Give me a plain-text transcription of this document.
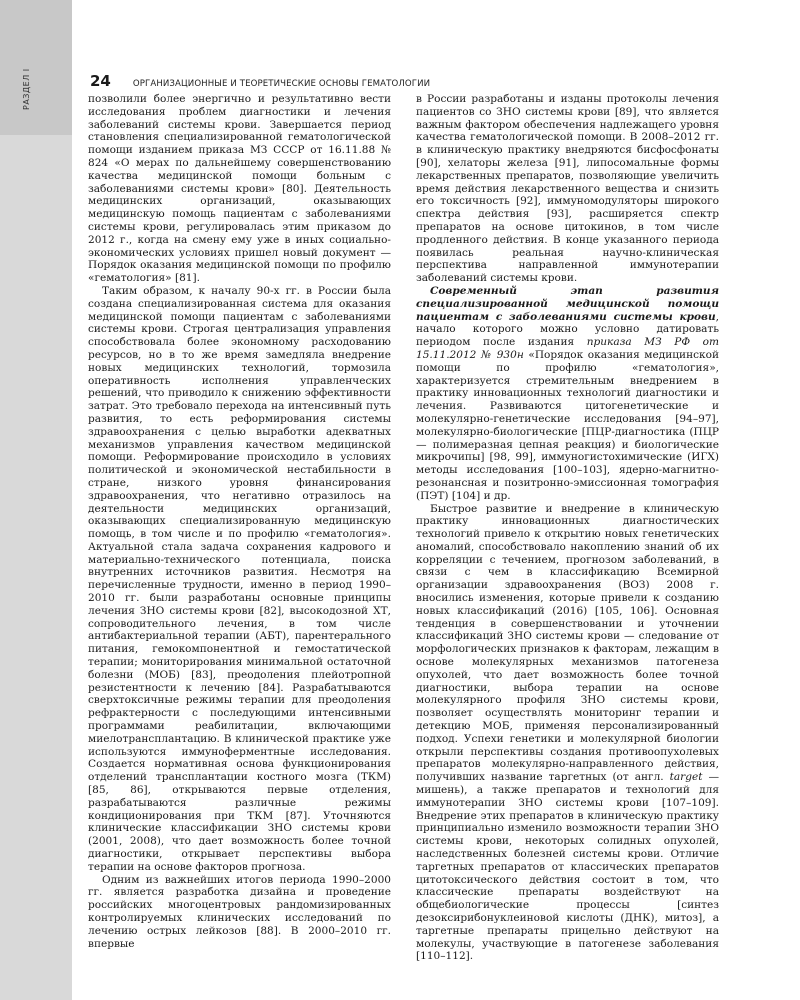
РАЗДЕЛ I	24	ОРГАНИЗАЦИОННЫЕ И ТЕОРЕТИЧЕСКИЕ ОСНОВЫ ГЕМАТОЛОГИИ

позволили более энергично и результативно вести исследования проблем диагностики и лечения заболеваний системы крови. Завершается период становления специализированной гематологической помощи изданием приказа МЗ СССР от 16.11.88 № 824 «О мерах по дальнейшему совершенствованию качества медицинской помощи больным с заболеваниями системы крови» [80]. Деятельность медицинских организаций, оказывающих медицинскую помощь пациентам с заболеваниями системы крови, регулировалась этим приказом до 2012 г., когда на смену ему уже в иных социально-экономических условиях пришел новый документ — Порядок оказания медицинской помощи по профилю «гематология» [81].

Таким образом, к началу 90-х гг. в России была создана специализированная система для оказания медицинской помощи пациентам с заболеваниями системы крови. Строгая централизация управления способствовала более экономному расходованию ресурсов, но в то же время замедляла внедрение новых медицинских технологий, тормозила оперативность исполнения управленческих решений, что приводило к снижению эффективности затрат. Это требовало перехода на интенсивный путь развития, то есть реформирования системы здравоохранения с целью выработки адекватных механизмов управления качеством медицинской помощи. Реформирование происходило в условиях политической и экономической нестабильности в стране, низкого уровня финансирования здравоохранения, что негативно отразилось на деятельности медицинских организаций, оказывающих специализированную медицинскую помощь, в том числе и по профилю «гематология». Актуальной стала задача сохранения кадрового и материально-технического потенциала, поиска внутренних источников развития. Несмотря на перечисленные трудности, именно в период 1990–2010 гг. были разработаны основные принципы лечения ЗНО системы крови [82], высокодозной ХТ, сопроводительного лечения, в том числе антибактериальной терапии (АБТ), парентерального питания, гемокомпонентной и гемостатической терапии; мониторирования минимальной остаточной болезни (МОБ) [83], преодоления плейотропной резистентности к лечению [84]. Разрабатываются сверхтоксичные режимы терапии для преодоления рефрактерности с последующими интенсивными программами реабилитации, включающими миелотрансплантацию. В клинической практике уже используются иммуноферментные исследования. Создается нормативная основа функционирования отделений трансплантации костного мозга (ТКМ) [85, 86], открываются первые отделения, разрабатываются различные режимы кондиционирования при ТКМ [87]. Уточняются клинические классификации ЗНО системы крови (2001, 2008), что дает возможность более точной диагностики, открывает перспективы выбора терапии на основе факторов прогноза.

Одним из важнейших итогов периода 1990–2000 гг. является разработка дизайна и проведение российских многоцентровых рандомизированных контролируемых клинических исследований по лечению острых лейкозов [88]. В 2000–2010 гг. впервые

в России разработаны и изданы протоколы лечения пациентов со ЗНО системы крови [89], что является важным фактором обеспечения надлежащего уровня качества гематологической помощи. В 2008–2012 гг. в клиническую практику внедряются бисфосфонаты [90], хелаторы железа [91], липосомальные формы лекарственных препаратов, позволяющие увеличить время действия лекарственного вещества и снизить его токсичность [92], иммуномодуляторы широкого спектра действия [93], расширяется спектр препаратов на основе цитокинов, в том числе продленного действия. В конце указанного периода появилась реальная научно-клиническая перспектива направленной иммунотерапии заболеваний системы крови.

Современный этап развития специализированной медицинской помощи пациентам с заболеваниями системы крови, начало которого можно условно датировать периодом после издания приказа МЗ РФ от 15.11.2012 № 930н «Порядок оказания медицинской помощи по профилю «гематология», характеризуется стремительным внедрением в практику инновационных технологий диагностики и лечения. Развиваются цитогенетические и молекулярно-генетические исследования [94–97], молекулярно-биологические [ПЦР-диагностика (ПЦР — полимеразная цепная реакция) и биологические микрочипы] [98, 99], иммуногистохимические (ИГХ) методы исследования [100–103], ядерно-магнитно-резонансная и позитронно-эмиссионная томография (ПЭТ) [104] и др.

Быстрое развитие и внедрение в клиническую практику инновационных диагностических технологий привело к открытию новых генетических аномалий, способствовало накоплению знаний об их корреляции с течением, прогнозом заболеваний, в связи с чем в классификацию Всемирной организации здравоохранения (ВОЗ) 2008 г. вносились изменения, которые привели к созданию новых классификаций (2016) [105, 106]. Основная тенденция в совершенствовании и уточнении классификаций ЗНО системы крови — следование от морфологических признаков к факторам, лежащим в основе молекулярных механизмов патогенеза опухолей, что дает возможность более точной диагностики, выбора терапии на основе молекулярного профиля ЗНО системы крови, позволяет осуществлять мониторинг терапии и детекцию МОБ, применяя персонализированный подход. Успехи генетики и молекулярной биологии открыли перспективы создания противоопухолевых препаратов молекулярно-направленного действия, получивших название таргетных (от англ. target — мишень), а также препаратов и технологий для иммунотерапии ЗНО системы крови [107–109]. Внедрение этих препаратов в клиническую практику принципиально изменило возможности терапии ЗНО системы крови, некоторых солидных опухолей, наследственных болезней системы крови. Отличие таргетных препаратов от классических препаратов цитотоксического действия состоит в том, что классические препараты воздействуют на общебиологические процессы [синтез дезоксирибонуклеиновой кислоты (ДНК), митоз], а таргетные препараты прицельно действуют на молекулы, участвующие в патогенезе заболевания [110–112].
